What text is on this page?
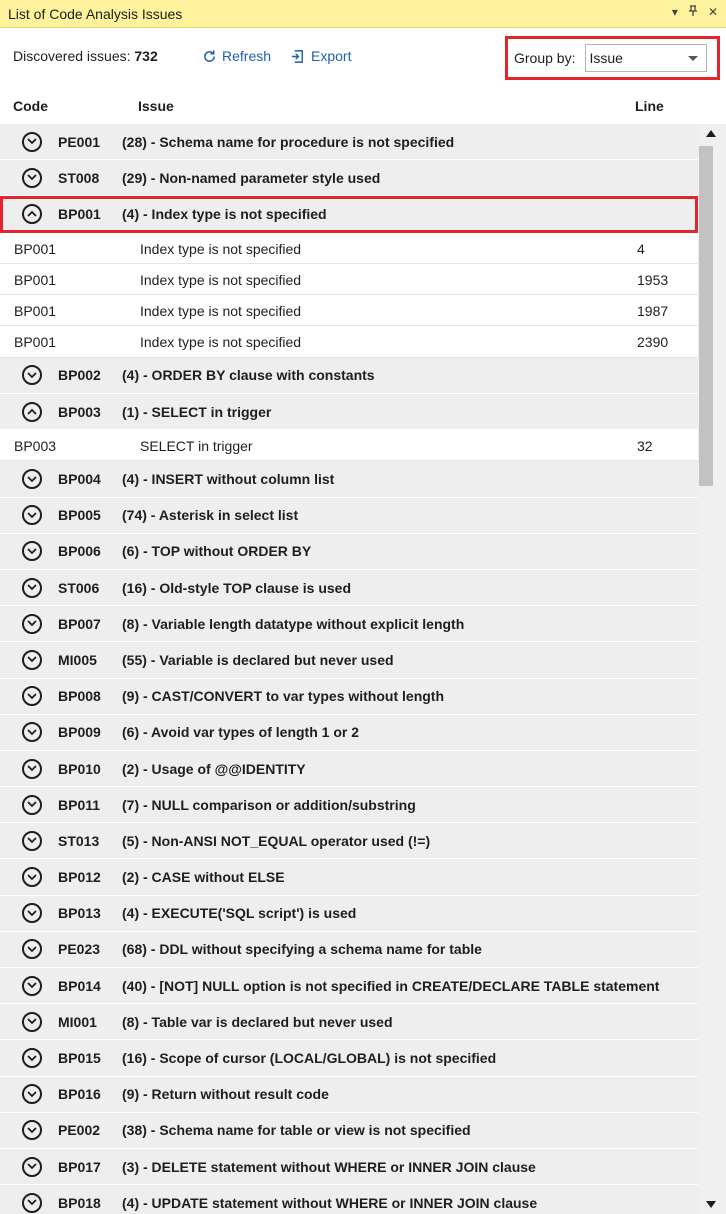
List of Code Analysis Issues	▾	✕
Discovered issues: 732	Refresh	Export	Group by: Issue
Code	Issue	Line
PE001 (28) - Schema name for procedure is not specified
ST008 (29) - Non-named parameter style used
BP001 (4) - Index type is not specified
BP001	Index type is not specified	4
BP001	Index type is not specified	1953
BP001	Index type is not specified	1987
BP001	Index type is not specified	2390
BP002 (4) - ORDER BY clause with constants
BP003 (1) - SELECT in trigger
BP003	SELECT in trigger	32
BP004 (4) - INSERT without column list
BP005 (74) - Asterisk in select list
BP006 (6) - TOP without ORDER BY
ST006 (16) - Old-style TOP clause is used
BP007 (8) - Variable length datatype without explicit length
MI005 (55) - Variable is declared but never used
BP008 (9) - CAST/CONVERT to var types without length
BP009 (6) - Avoid var types of length 1 or 2
BP010 (2) - Usage of @@IDENTITY
BP011 (7) - NULL comparison or addition/substring
ST013 (5) - Non-ANSI NOT_EQUAL operator used (!=)
BP012 (2) - CASE without ELSE
BP013 (4) - EXECUTE('SQL script') is used
PE023 (68) - DDL without specifying a schema name for table
BP014 (40) - [NOT] NULL option is not specified in CREATE/DECLARE TABLE statement
MI001 (8) - Table var is declared but never used
BP015 (16) - Scope of cursor (LOCAL/GLOBAL) is not specified
BP016 (9) - Return without result code
PE002 (38) - Schema name for table or view is not specified
BP017 (3) - DELETE statement without WHERE or INNER JOIN clause
BP018 (4) - UPDATE statement without WHERE or INNER JOIN clause
